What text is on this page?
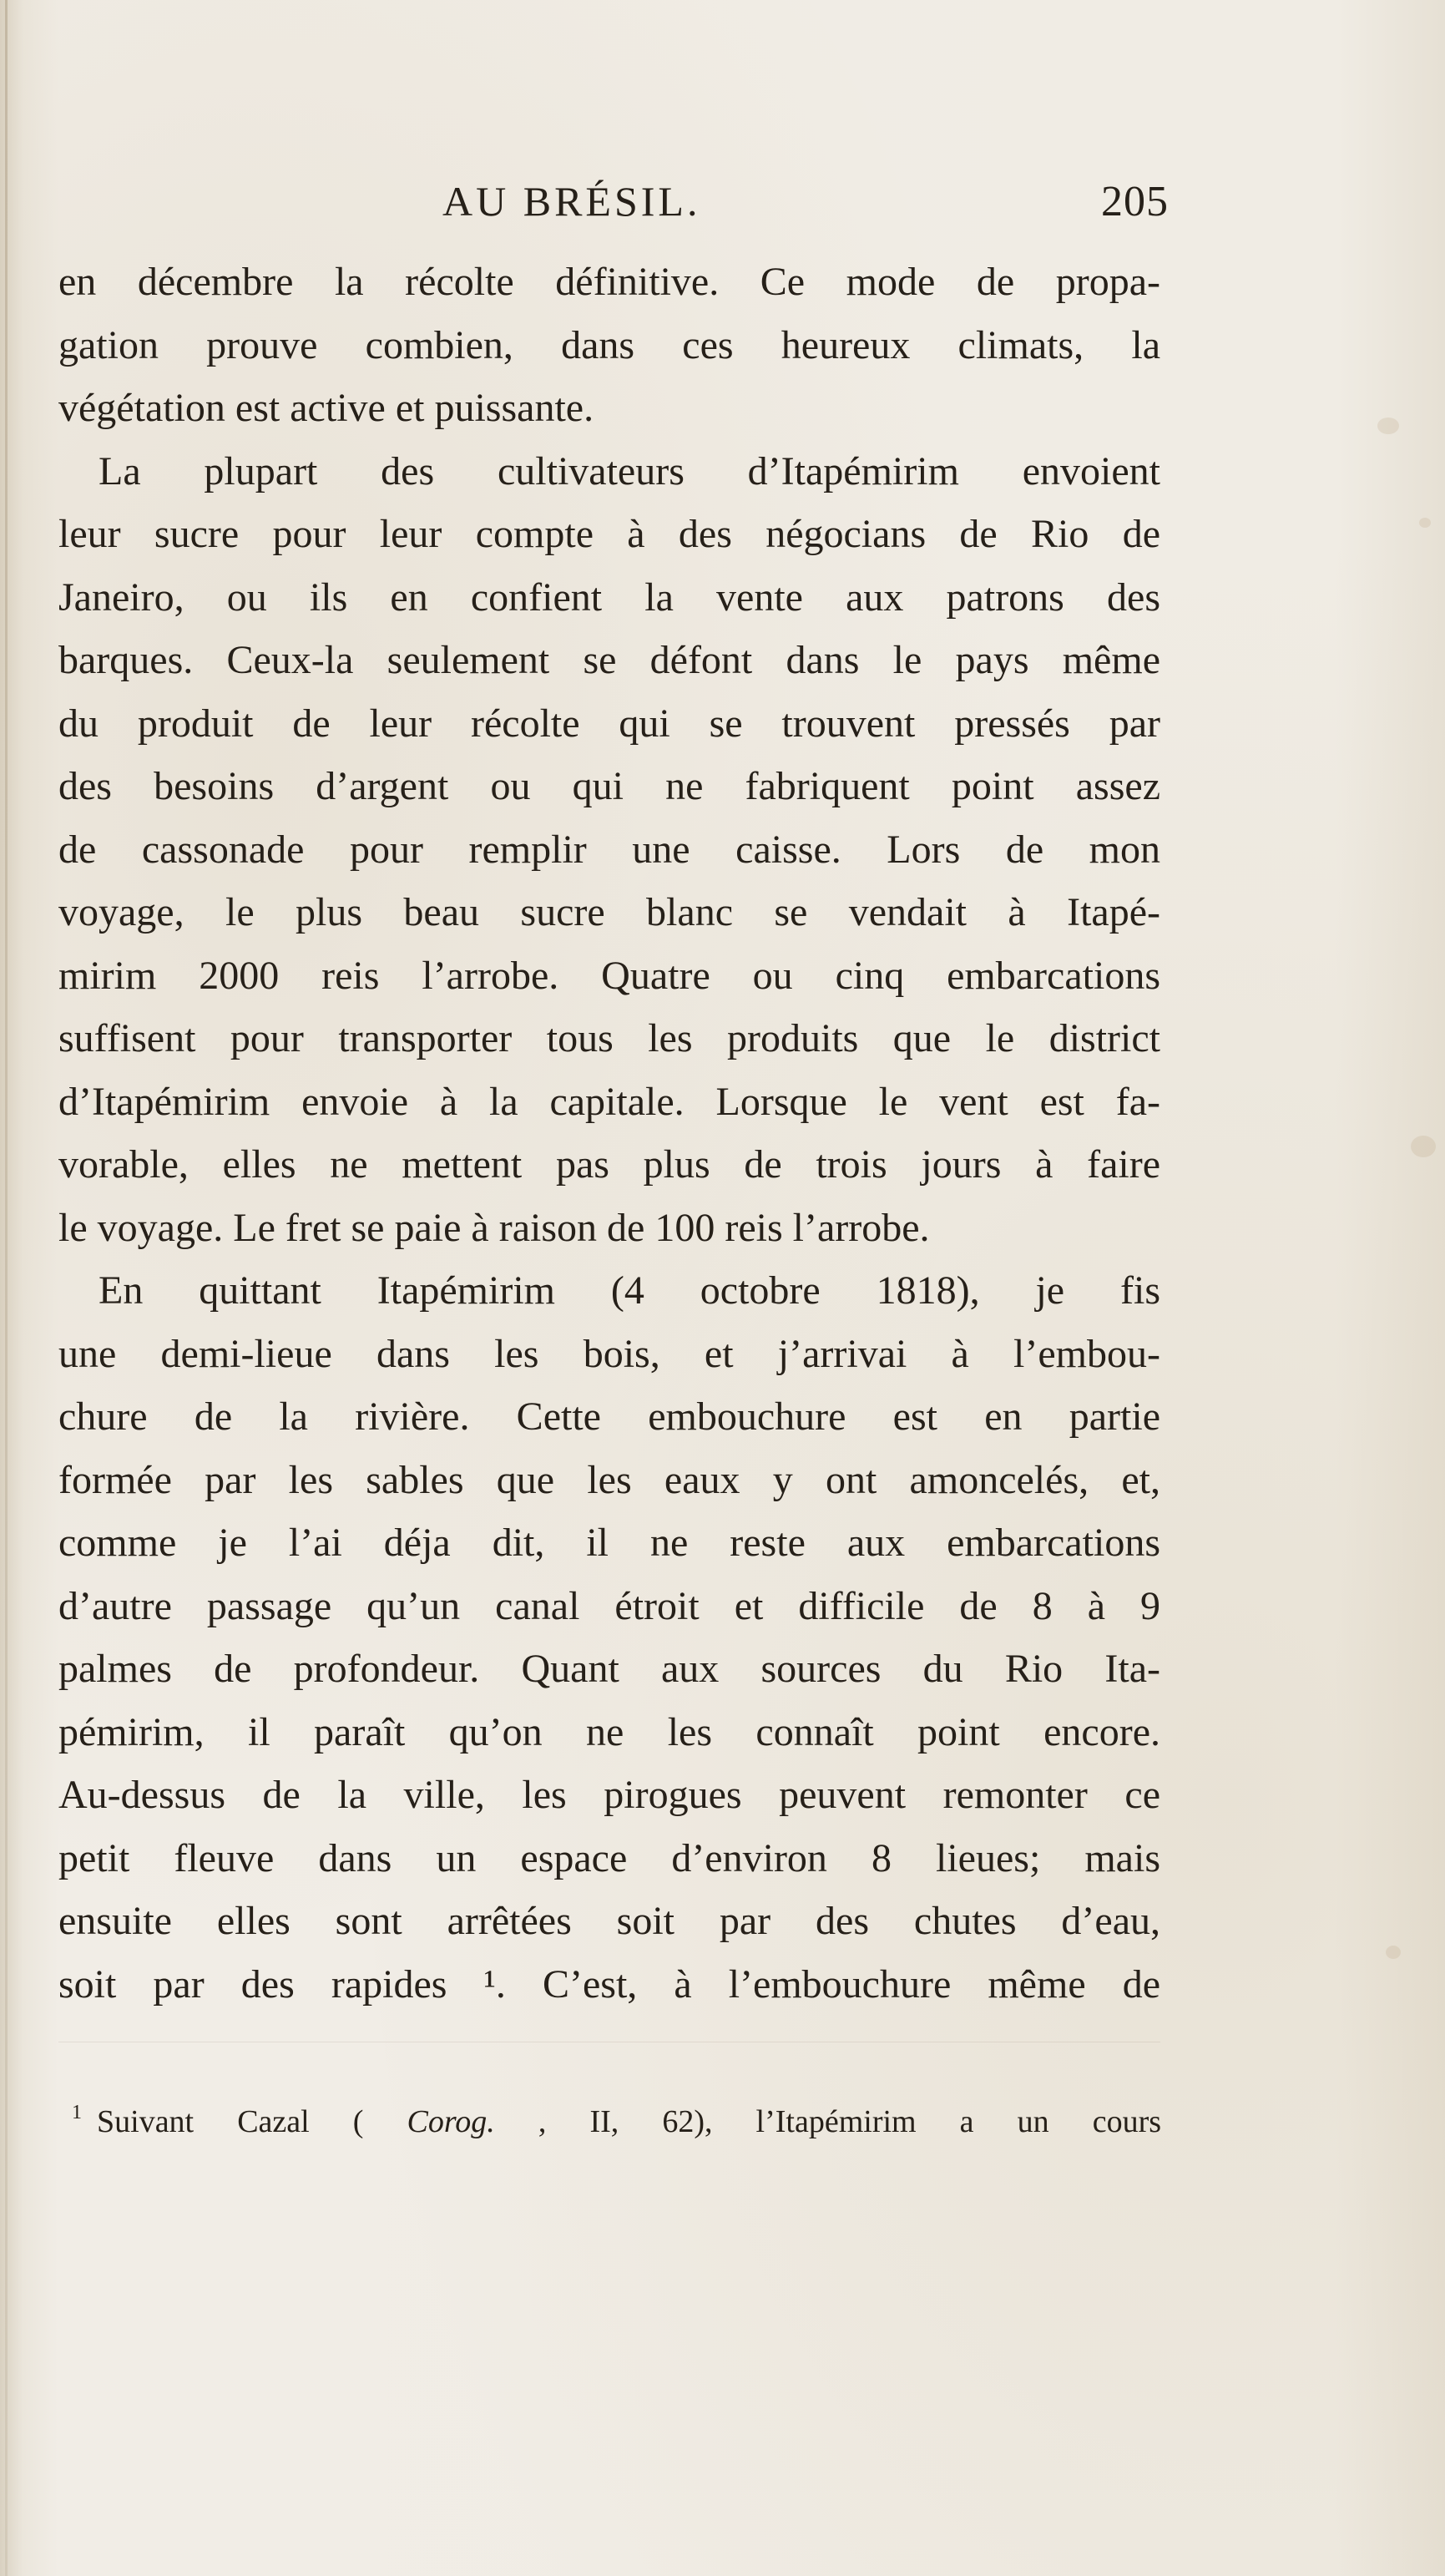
AU BRÉSIL.	205
en décembre la récolte définitive. Ce mode de propa-
gation prouve combien, dans ces heureux climats, la
végétation est active et puissante.
La plupart des cultivateurs d’Itapémirim envoient
leur sucre pour leur compte à des négocians de Rio de
Janeiro, ou ils en confient la vente aux patrons des
barques. Ceux-la seulement se défont dans le pays même
du produit de leur récolte qui se trouvent pressés par
des besoins d’argent ou qui ne fabriquent point assez
de cassonade pour remplir une caisse. Lors de mon
voyage, le plus beau sucre blanc se vendait à Itapé-
mirim 2000 reis l’arrobe. Quatre ou cinq embarcations
suffisent pour transporter tous les produits que le district
d’Itapémirim envoie à la capitale. Lorsque le vent est fa-
vorable, elles ne mettent pas plus de trois jours à faire
le voyage. Le fret se paie à raison de 100 reis l’arrobe.
En quittant Itapémirim (4 octobre 1818), je fis
une demi-lieue dans les bois, et j’arrivai à l’embou-
chure de la rivière. Cette embouchure est en partie
formée par les sables que les eaux y ont amoncelés, et,
comme je l’ai déja dit, il ne reste aux embarcations
d’autre passage qu’un canal étroit et difficile de 8 à 9
palmes de profondeur. Quant aux sources du Rio Ita-
pémirim, il paraît qu’on ne les connaît point encore.
Au-dessus de la ville, les pirogues peuvent remonter ce
petit fleuve dans un espace d’environ 8 lieues; mais
ensuite elles sont arrêtées soit par des chutes d’eau,
soit par des rapides ¹. C’est, à l’embouchure même de
$^1$ Suivant Cazal ( Corog. , II, 62), l’Itapémirim a un cours
